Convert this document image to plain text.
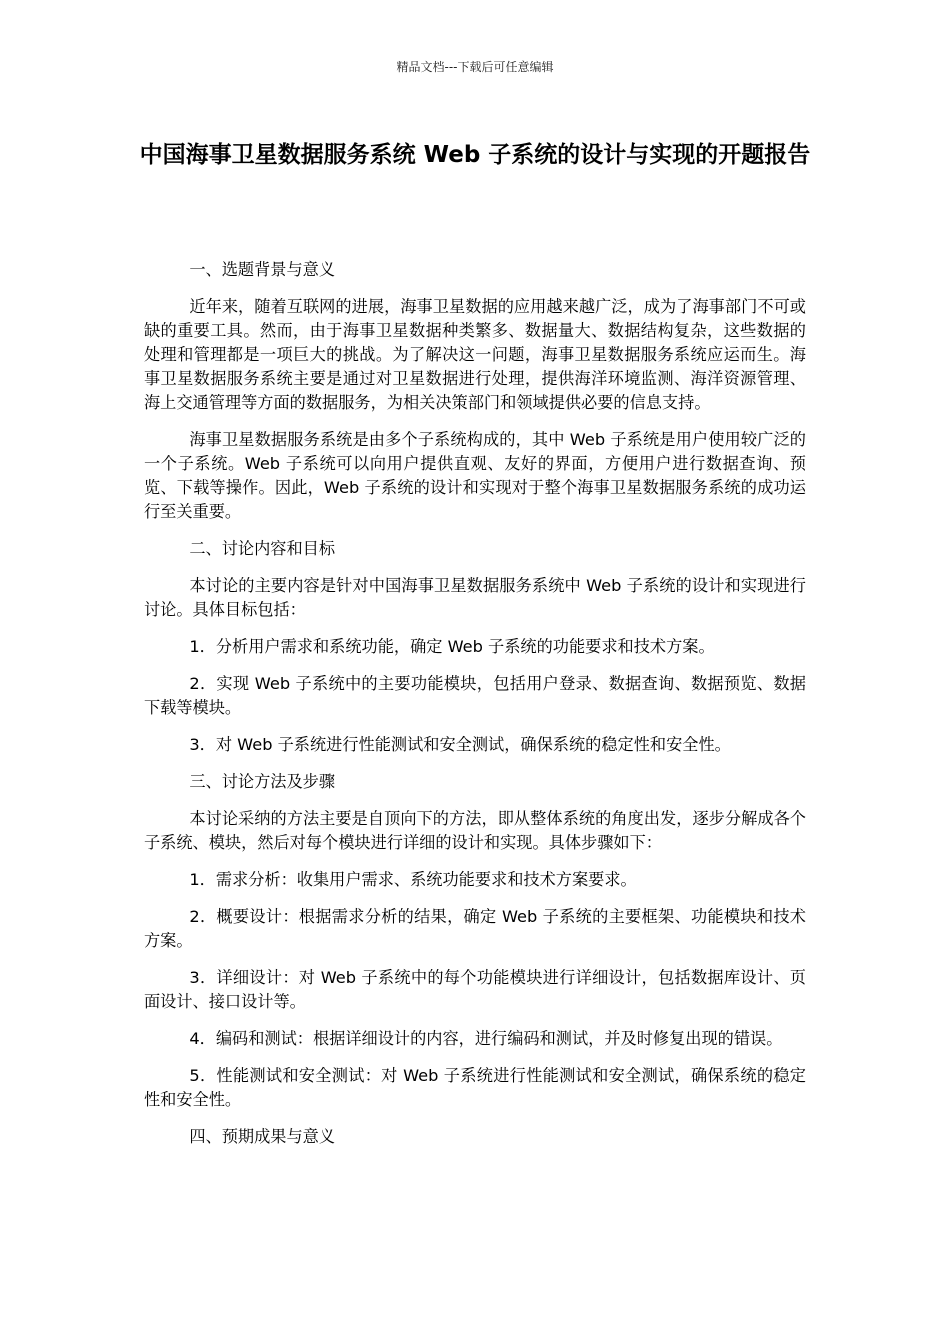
精品文档---下载后可任意编辑
中国海事卫星数据服务系统 Web 子系统的设计与实现的开题报告

一、选题背景与意义

近年来，随着互联网的进展，海事卫星数据的应用越来越广泛，成为了海事部门不可或缺的重要工具。然而，由于海事卫星数据种类繁多、数据量大、数据结构复杂，这些数据的处理和管理都是一项巨大的挑战。为了解决这一问题，海事卫星数据服务系统应运而生。海事卫星数据服务系统主要是通过对卫星数据进行处理，提供海洋环境监测、海洋资源管理、海上交通管理等方面的数据服务，为相关决策部门和领域提供必要的信息支持。

海事卫星数据服务系统是由多个子系统构成的，其中 Web 子系统是用户使用较广泛的一个子系统。Web 子系统可以向用户提供直观、友好的界面，方便用户进行数据查询、预览、下载等操作。因此，Web 子系统的设计和实现对于整个海事卫星数据服务系统的成功运行至关重要。

二、讨论内容和目标

本讨论的主要内容是针对中国海事卫星数据服务系统中 Web 子系统的设计和实现进行讨论。具体目标包括：

1．分析用户需求和系统功能，确定 Web 子系统的功能要求和技术方案。

2．实现 Web 子系统中的主要功能模块，包括用户登录、数据查询、数据预览、数据下载等模块。

3．对 Web 子系统进行性能测试和安全测试，确保系统的稳定性和安全性。

三、讨论方法及步骤

本讨论采纳的方法主要是自顶向下的方法，即从整体系统的角度出发，逐步分解成各个子系统、模块，然后对每个模块进行详细的设计和实现。具体步骤如下：

1．需求分析：收集用户需求、系统功能要求和技术方案要求。

2．概要设计：根据需求分析的结果，确定 Web 子系统的主要框架、功能模块和技术方案。

3．详细设计：对 Web 子系统中的每个功能模块进行详细设计，包括数据库设计、页面设计、接口设计等。

4．编码和测试：根据详细设计的内容，进行编码和测试，并及时修复出现的错误。

5．性能测试和安全测试：对 Web 子系统进行性能测试和安全测试，确保系统的稳定性和安全性。

四、预期成果与意义
